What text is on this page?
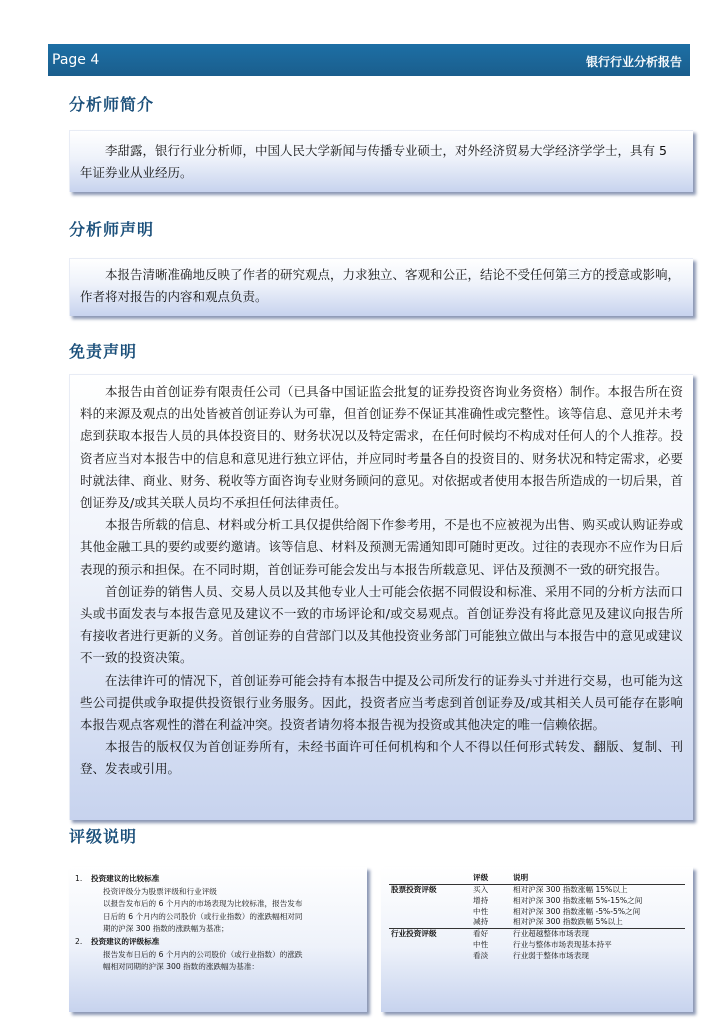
Page 4	银行行业分析报告
分析师简介

李甜露，银行行业分析师，中国人民大学新闻与传播专业硕士，对外经济贸易大学经济学学士，具有 5 年证券业从业经历。

分析师声明

本报告清晰准确地反映了作者的研究观点，力求独立、客观和公正，结论不受任何第三方的授意或影响，作者将对报告的内容和观点负责。

免责声明

本报告由首创证券有限责任公司（已具备中国证监会批复的证券投资咨询业务资格）制作。本报告所在资料的来源及观点的出处皆被首创证券认为可靠，但首创证券不保证其准确性或完整性。该等信息、意见并未考虑到获取本报告人员的具体投资目的、财务状况以及特定需求，在任何时候均不构成对任何人的个人推荐。投资者应当对本报告中的信息和意见进行独立评估，并应同时考量各自的投资目的、财务状况和特定需求，必要时就法律、商业、财务、税收等方面咨询专业财务顾问的意见。对依据或者使用本报告所造成的一切后果，首创证券及/或其关联人员均不承担任何法律责任。

本报告所载的信息、材料或分析工具仅提供给阁下作参考用，不是也不应被视为出售、购买或认购证券或其他金融工具的要约或要约邀请。该等信息、材料及预测无需通知即可随时更改。过往的表现亦不应作为日后表现的预示和担保。在不同时期，首创证券可能会发出与本报告所载意见、评估及预测不一致的研究报告。

首创证券的销售人员、交易人员以及其他专业人士可能会依据不同假设和标准、采用不同的分析方法而口头或书面发表与本报告意见及建议不一致的市场评论和/或交易观点。首创证券没有将此意见及建议向报告所有接收者进行更新的义务。首创证券的自营部门以及其他投资业务部门可能独立做出与本报告中的意见或建议不一致的投资决策。

在法律许可的情况下，首创证券可能会持有本报告中提及公司所发行的证券头寸并进行交易，也可能为这些公司提供或争取提供投资银行业务服务。因此，投资者应当考虑到首创证券及/或其相关人员可能存在影响本报告观点客观性的潜在利益冲突。投资者请勿将本报告视为投资或其他决定的唯一信赖依据。

本报告的版权仅为首创证券所有，未经书面许可任何机构和个人不得以任何形式转发、翻版、复制、刊登、发表或引用。

评级说明
1.	投资建议的比较标准
投资评级分为股票评级和行业评级
以报告发布后的 6 个月内的市场表现为比较标准，报告发布
日后的 6 个月内的公司股价（或行业指数）的涨跌幅相对同
期的沪深 300 指数的涨跌幅为基准；
2.	投资建议的评级标准
报告发布日后的 6 个月内的公司股价（或行业指数）的涨跌
幅相对同期的沪深 300 指数的涨跌幅为基准：
	评级	说明
股票投资评级	买入	相对沪深 300 指数涨幅 15%以上
	增持	相对沪深 300 指数涨幅 5%-15%之间
	中性	相对沪深 300 指数涨幅 -5%-5%之间
	减持	相对沪深 300 指数跌幅 5%以上
行业投资评级	看好	行业超越整体市场表现
	中性	行业与整体市场表现基本持平
	看淡	行业弱于整体市场表现
